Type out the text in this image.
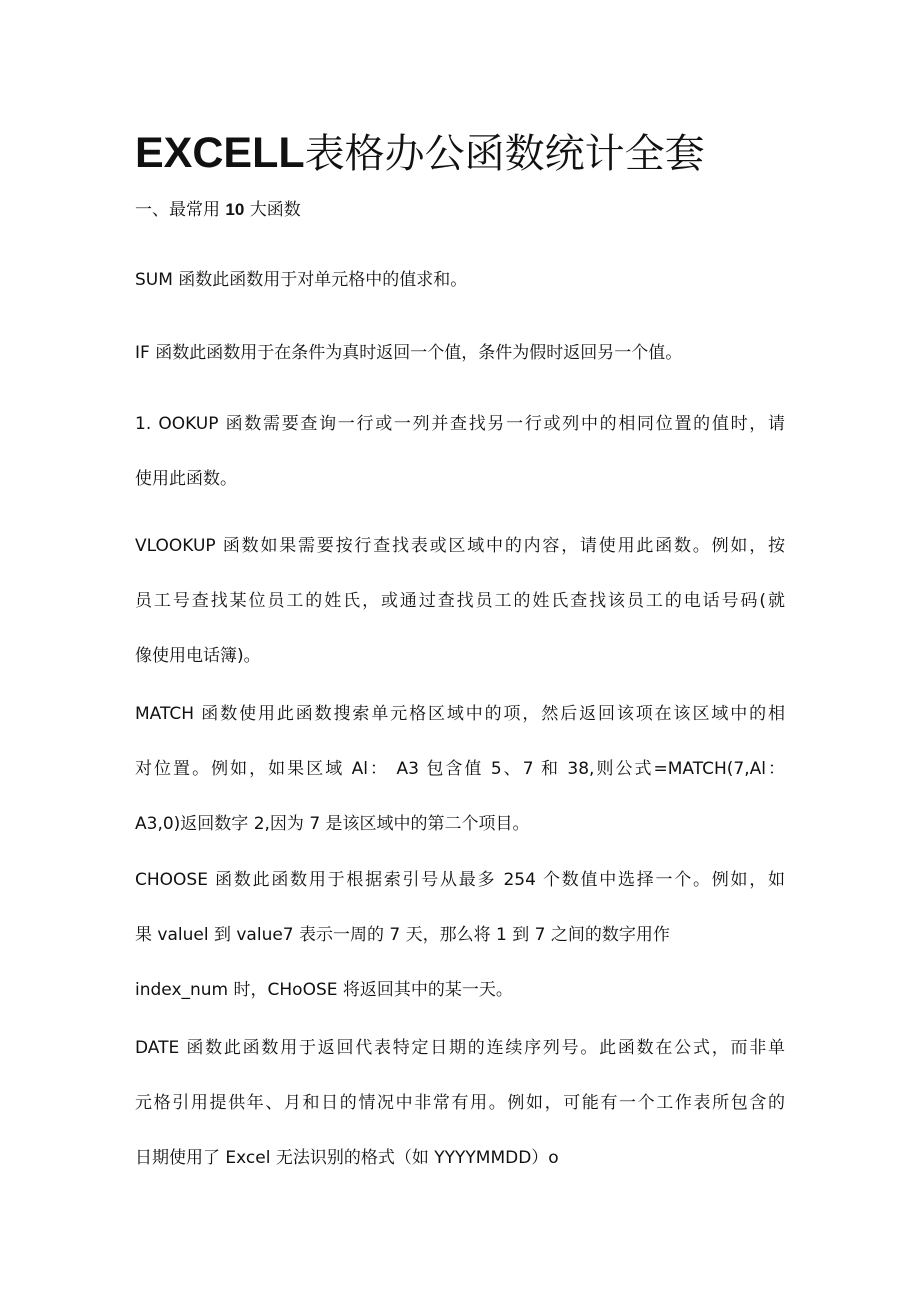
EXCELL表格办公函数统计全套
一、最常用 10 大函数
SUM 函数此函数用于对单元格中的值求和。
IF 函数此函数用于在条件为真时返回一个值，条件为假时返回另一个值。
1. OOKUP 函数需要查询一行或一列并查找另一行或列中的相同位置的值时，请
使用此函数。
VLOOKUP 函数如果需要按行查找表或区域中的内容，请使用此函数。例如，按
员工号查找某位员工的姓氏，或通过查找员工的姓氏查找该员工的电话号码(就
像使用电话簿)。
MATCH 函数使用此函数搜索单元格区域中的项，然后返回该项在该区域中的相
对位置。例如，如果区域 Al： A3 包含值 5、7 和 38,则公式=MATCH(7,Al：
A3,0)返回数字 2,因为 7 是该区域中的第二个项目。
CHOOSE 函数此函数用于根据索引号从最多 254 个数值中选择一个。例如，如
果 valuel 到 value7 表示一周的 7 天，那么将 1 到 7 之间的数字用作
index_num 时，CHoOSE 将返回其中的某一天。
DATE 函数此函数用于返回代表特定日期的连续序列号。此函数在公式，而非单
元格引用提供年、月和日的情况中非常有用。例如，可能有一个工作表所包含的
日期使用了 Excel 无法识别的格式（如 YYYYMMDD）o
